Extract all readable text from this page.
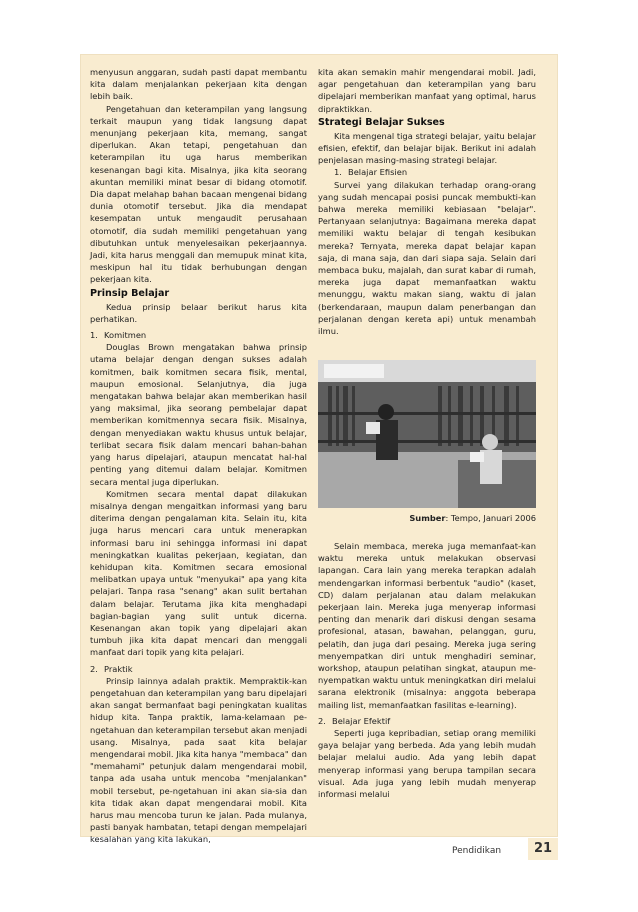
menyusun anggaran, sudah pasti dapat membantu kita dalam menjalankan pekerjaan kita dengan lebih baik.

Pengetahuan dan keterampilan yang langsung terkait maupun yang tidak langsung dapat menunjang pekerjaan kita, memang, sangat diperlukan. Akan tetapi, pengetahuan dan keterampilan itu uga harus memberikan kesenangan bagi kita. Misalnya, jika kita seorang akuntan memiliki minat besar di bidang otomotif. Dia dapat melahap bahan bacaan mengenai bidang dunia otomotif tersebut. Jika dia mendapat kesempatan untuk mengaudit perusahaan otomotif, dia sudah memiliki pengetahuan yang dibutuhkan untuk menyelesaikan pekerjaannya. Jadi, kita harus menggali dan memupuk minat kita, meskipun hal itu tidak berhubungan dengan pekerjaan kita.

Prinsip Belajar

Kedua prinsip belaar berikut harus kita perhatikan.

1. Komitmen

Douglas Brown mengatakan bahwa prinsip utama belajar dengan dengan sukses adalah komitmen, baik komitmen secara fisik, mental, maupun emosional. Selanjutnya, dia juga mengatakan bahwa belajar akan memberikan hasil yang maksimal, jika seorang pembelajar dapat memberikan komitmennya secara fisik. Misalnya, dengan menyediakan waktu khusus untuk belajar, terlibat secara fisik dalam mencari bahan-bahan yang harus dipelajari, ataupun mencatat hal-hal penting yang ditemui dalam belajar. Komitmen secara mental juga diperlukan.

Komitmen secara mental dapat dilakukan misalnya dengan mengaitkan informasi yang baru diterima dengan pengalaman kita. Selain itu, kita juga harus mencari cara untuk menerapkan informasi baru ini sehingga informasi ini dapat meningkatkan kualitas pekerjaan, kegiatan, dan kehidupan kita. Komitmen secara emosional melibatkan upaya untuk "menyukai" apa yang kita pelajari. Tanpa rasa "senang" akan sulit bertahan dalam belajar. Terutama jika kita menghadapi bagian-bagian yang sulit untuk dicerna. Kesenangan akan topik yang dipelajari akan tumbuh jika kita dapat mencari dan menggali manfaat dari topik yang kita pelajari.

2. Praktik

Prinsip lainnya adalah praktik. Mempraktik-kan pengetahuan dan keterampilan yang baru dipelajari akan sangat bermanfaat bagi peningkatan kualitas hidup kita. Tanpa praktik, lama-kelamaan pe-ngetahuan dan keterampilan tersebut akan menjadi usang. Misalnya, pada saat kita belajar mengendarai mobil. Jika kita hanya "membaca" dan "memahami" petunjuk dalam mengendarai mobil, tanpa ada usaha untuk mencoba "menjalankan" mobil tersebut, pe-ngetahuan ini akan sia-sia dan kita tidak akan dapat mengendarai mobil. Kita harus mau mencoba turun ke jalan. Pada mulanya, pasti banyak hambatan, tetapi dengan mempelajari kesalahan yang kita lakukan,

kita akan semakin mahir mengendarai mobil. Jadi, agar pengetahuan dan keterampilan yang baru dipelajari memberikan manfaat yang optimal, harus dipraktikkan.

Strategi Belajar Sukses

Kita mengenal tiga strategi belajar, yaitu belajar efisien, efektif, dan belajar bijak. Berikut ini adalah penjelasan masing-masing strategi belajar.

1. Belajar Efisien

Survei yang dilakukan terhadap orang-orang yang sudah mencapai posisi puncak membukti-kan bahwa mereka memiliki kebiasaan "belajar". Pertanyaan selanjutnya: Bagaimana mereka dapat memiliki waktu belajar di tengah kesibukan mereka? Ternyata, mereka dapat belajar kapan saja, di mana saja, dan dari siapa saja. Selain dari membaca buku, majalah, dan surat kabar di rumah, mereka juga dapat memanfaatkan waktu menunggu, waktu makan siang, waktu di jalan (berkendaraan, maupun dalam penerbangan dan perjalanan dengan kereta api) untuk menambah ilmu.

Sumber: Tempo, Januari 2006

Selain membaca, mereka juga memanfaat-kan waktu mereka untuk melakukan observasi lapangan. Cara lain yang mereka terapkan adalah mendengarkan informasi berbentuk "audio" (kaset, CD) dalam perjalanan atau dalam melakukan pekerjaan lain. Mereka juga menyerap informasi penting dan menarik dari diskusi dengan sesama profesional, atasan, bawahan, pelanggan, guru, pelatih, dan juga dari pesaing. Mereka juga sering menyempatkan diri untuk menghadiri seminar, workshop, ataupun pelatihan singkat, ataupun me-nyempatkan waktu untuk meningkatkan diri melalui sarana elektronik (misalnya: anggota beberapa mailing list, memanfaatkan fasilitas e-learning).

2. Belajar Efektif

Seperti juga kepribadian, setiap orang memiliki gaya belajar yang berbeda. Ada yang lebih mudah belajar melalui audio. Ada yang lebih dapat menyerap informasi yang berupa tampilan secara visual. Ada juga yang lebih mudah menyerap informasi melalui

Pendidikan	21
